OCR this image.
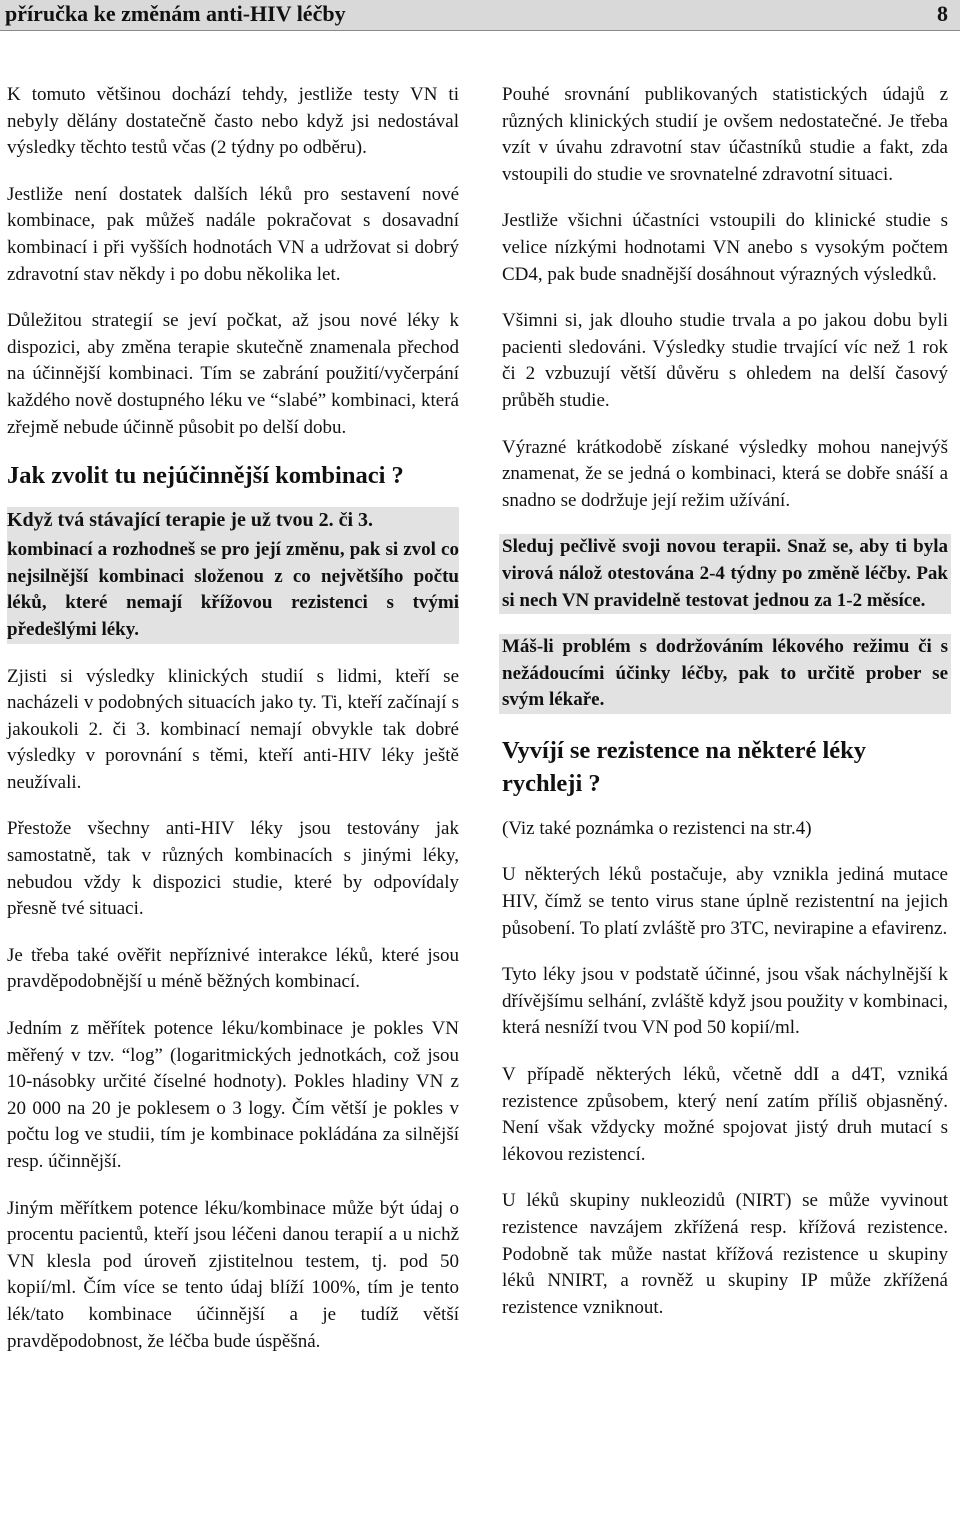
příručka ke změnám anti-HIV léčby	8

K tomuto většinou dochází tehdy, jestliže testy VN ti nebyly dělány dostatečně často nebo když jsi nedostával výsledky těchto testů včas (2 týdny po odběru).

Jestliže není dostatek dalších léků pro sestavení nové kombinace, pak můžeš nadále pokračovat s dosavadní kombinací i při vyšších hodnotách VN a udržovat si dobrý zdravotní stav někdy i po dobu několika let.

Důležitou strategií se jeví počkat, až jsou nové léky k dispozici, aby změna terapie skutečně znamenala přechod na účinnější kombinaci. Tím se zabrání použití/vyčerpání každého nově dostupného léku ve “slabé” kombinaci, která zřejmě nebude účinně působit po delší dobu.

Jak zvolit tu nejúčinnější kombinaci ?
Když tvá stávající terapie je už tvou 2. či 3.

kombinací a rozhodneš se pro její změnu, pak si zvol co nejsilnější kombinaci složenou z co největšího počtu léků, které nemají křížovou rezistenci s tvými předešlými léky.

Zjisti si výsledky klinických studií s lidmi, kteří se nacházeli v podobných situacích jako ty. Ti, kteří začínají s jakoukoli 2. či 3. kombinací nemají obvykle tak dobré výsledky v porovnání s těmi, kteří anti-HIV léky ještě neužívali.

Přestože všechny anti-HIV léky jsou testovány jak samostatně, tak v různých kombinacích s jinými léky, nebudou vždy k dispozici studie, které by odpovídaly přesně tvé situaci.

Je třeba také ověřit nepříznivé interakce léků, které jsou pravděpodobnější u méně běžných kombinací.

Jedním z měřítek potence léku/kombinace je pokles VN měřený v tzv. “log” (logaritmických jednotkách, což jsou 10-násobky určité číselné hodnoty). Pokles hladiny VN z 20 000 na 20 je poklesem o 3 logy. Čím větší je pokles v počtu log ve studii, tím je kombinace pokládána za silnější resp. účinnější.

Jiným měřítkem potence léku/kombinace může být údaj o procentu pacientů, kteří jsou léčeni danou terapií a u nichž VN klesla pod úroveň zjistitelnou testem, tj. pod 50 kopií/ml. Čím více se tento údaj blíží 100%, tím je tento lék/tato kombinace účinnější a je tudíž větší pravděpodobnost, že léčba bude úspěšná.

Pouhé srovnání publikovaných statistických údajů z různých klinických studií je ovšem nedostatečné. Je třeba vzít v úvahu zdravotní stav účastníků studie a fakt, zda vstoupili do studie ve srovnatelné zdravotní situaci.

Jestliže všichni účastníci vstoupili do klinické studie s velice nízkými hodnotami VN anebo s vysokým počtem CD4, pak bude snadnější dosáhnout výrazných výsledků.

Všimni si, jak dlouho studie trvala a po jakou dobu byli pacienti sledováni. Výsledky studie trvající víc než 1 rok či 2 vzbuzují větší důvěru s ohledem na delší časový průběh studie.

Výrazné krátkodobě získané výsledky mohou nanejvýš znamenat, že se jedná o kombinaci, která se dobře snáší a snadno se dodržuje její režim užívání.

Sleduj pečlivě svoji novou terapii. Snaž se, aby ti byla virová nálož otestována 2-4 týdny po změně léčby. Pak si nech VN pravidelně testovat jednou za 1-2 měsíce.

Máš-li problém s dodržováním lékového režimu či s nežádoucími účinky léčby, pak to určitě prober se svým lékaře.

Vyvíjí se rezistence na některé léky rychleji ?

(Viz také poznámka o rezistenci na str.4)

U některých léků postačuje, aby vznikla jediná mutace HIV, čímž se tento virus stane úplně rezistentní na jejich působení. To platí zvláště pro 3TC, nevirapine a efavirenz.

Tyto léky jsou v podstatě účinné, jsou však náchylnější k dřívějšímu selhání, zvláště když jsou použity v kombinaci, která nesníží tvou VN pod 50 kopií/ml.

V případě některých léků, včetně ddI a d4T, vzniká rezistence způsobem, který není zatím příliš objasněný. Není však vždycky možné spojovat jistý druh mutací s lékovou rezistencí.

U léků skupiny nukleozidů (NIRT) se může vyvinout rezistence navzájem zkřížená resp. křížová rezistence. Podobně tak může nastat křížová rezistence u skupiny léků NNIRT, a rovněž u skupiny IP může zkřížená rezistence vzniknout.
